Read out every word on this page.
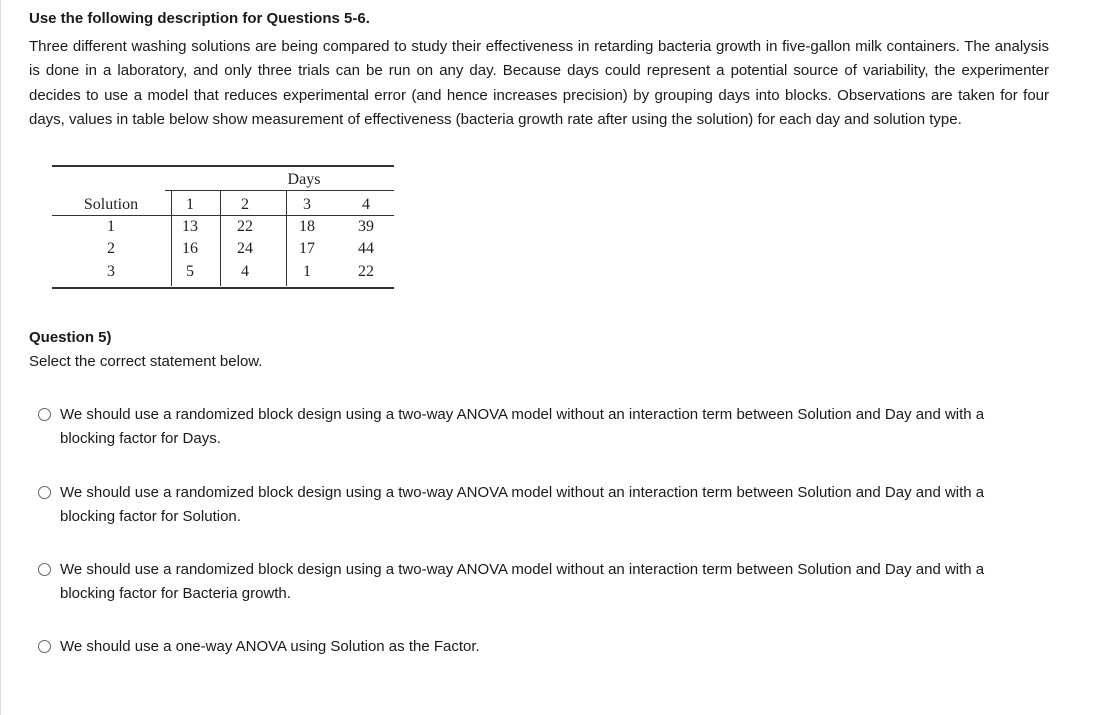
Use the following description for Questions 5-6.
Three different washing solutions are being compared to study their effectiveness in retarding bacteria growth in five-gallon milk containers. The analysis is done in a laboratory, and only three trials can be run on any day. Because days could represent a potential source of variability, the experimenter decides to use a model that reduces experimental error (and hence increases precision) by grouping days into blocks. Observations are taken for four days, values in table below show measurement of effectiveness (bacteria growth rate after using the solution) for each day and solution type.
Days
Solution	1	2	3	4
1	13	22	18	39
2	16	24	17	44
3	5	4	1	22
Question 5)
Select the correct statement below.
We should use a randomized block design using a two-way ANOVA model without an interaction term between Solution and Day and with a blocking factor for Days.
We should use a randomized block design using a two-way ANOVA model without an interaction term between Solution and Day and with a blocking factor for Solution.
We should use a randomized block design using a two-way ANOVA model without an interaction term between Solution and Day and with a blocking factor for Bacteria growth.
We should use a one-way ANOVA using Solution as the Factor.
